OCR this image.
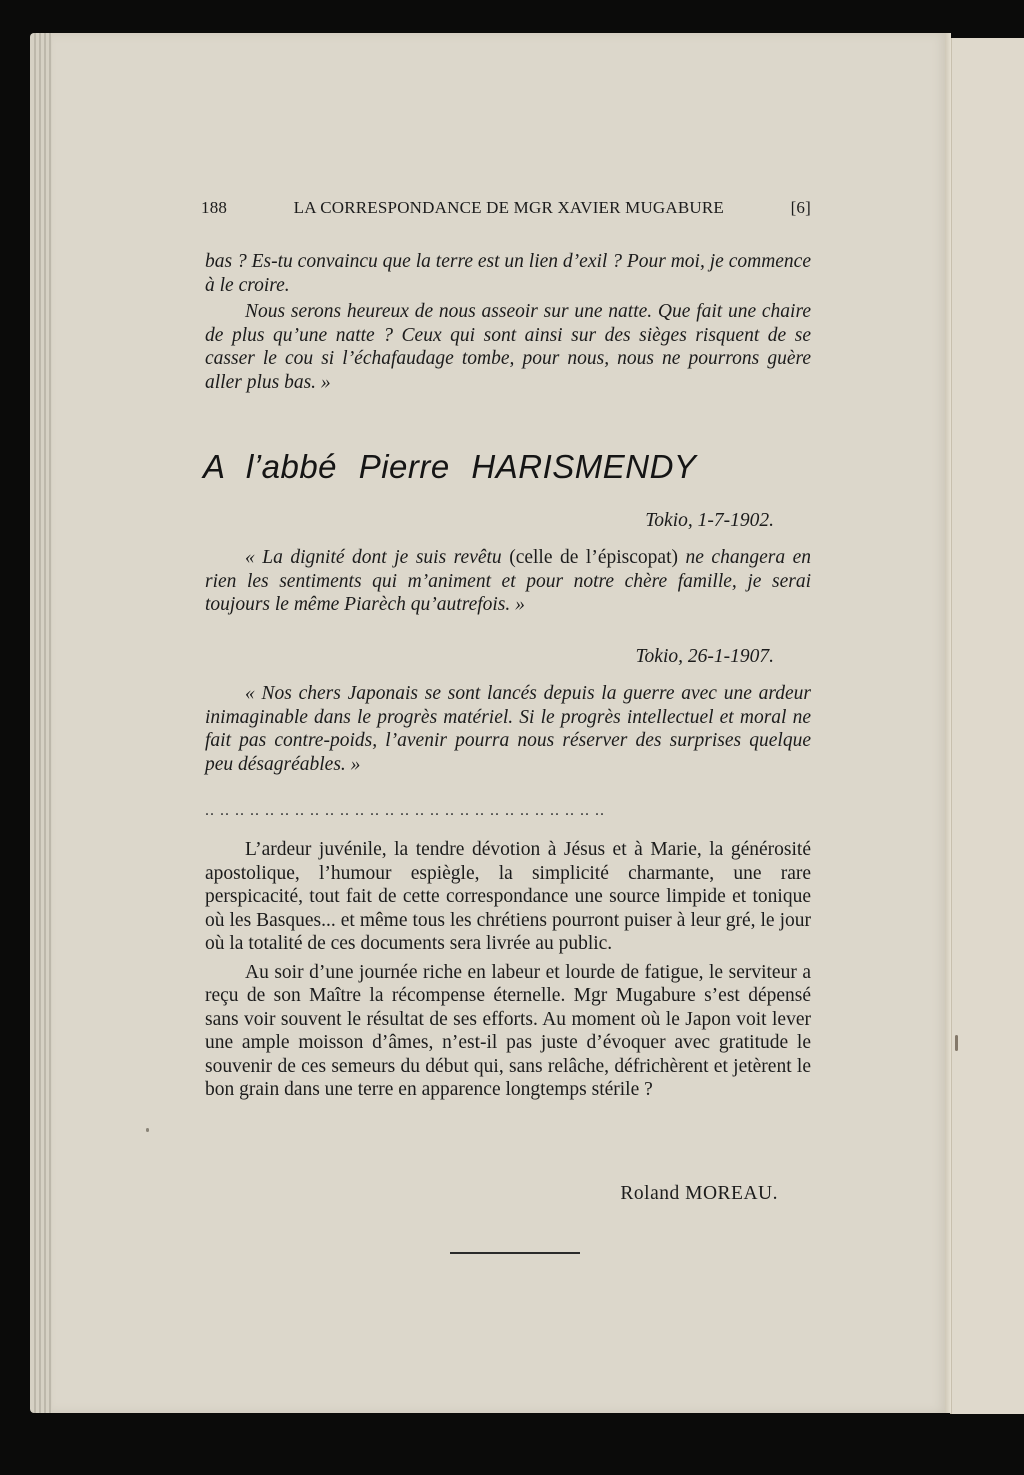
188	LA CORRESPONDANCE DE MGR XAVIER MUGABURE	[6]

bas ? Es-tu convaincu que la terre est un lien d’exil ? Pour moi, je commence à le croire.

Nous serons heureux de nous asseoir sur une natte. Que fait une chaire de plus qu’une natte ? Ceux qui sont ainsi sur des sièges risquent de se casser le cou si l’échafaudage tombe, pour nous, nous ne pourrons guère aller plus bas. »

A l’abbé Pierre HARISMENDY
Tokio, 1-7-1902.

« La dignité dont je suis revêtu (celle de l’épiscopat) ne changera en rien les sentiments qui m’animent et pour notre chère famille, je serai toujours le même Piarèch qu’autrefois. »

Tokio, 26-1-1907.

« Nos chers Japonais se sont lancés depuis la guerre avec une ardeur inimaginable dans le progrès matériel. Si le progrès intellectuel et moral ne fait pas contre-poids, l’avenir pourra nous réserver des surprises quelque peu désagréables. »

.. .. .. .. .. .. .. .. .. .. .. .. .. .. .. .. .. .. .. .. .. .. .. .. .. .. ..

L’ardeur juvénile, la tendre dévotion à Jésus et à Marie, la générosité apostolique, l’humour espiègle, la simplicité charmante, une rare perspicacité, tout fait de cette correspondance une source limpide et tonique où les Basques... et même tous les chrétiens pourront puiser à leur gré, le jour où la totalité de ces documents sera livrée au public.

Au soir d’une journée riche en labeur et lourde de fatigue, le serviteur a reçu de son Maître la récompense éternelle. Mgr Mugabure s’est dépensé sans voir souvent le résultat de ses efforts. Au moment où le Japon voit lever une ample moisson d’âmes, n’est-il pas juste d’évoquer avec gratitude le souvenir de ces semeurs du début qui, sans relâche, défrichèrent et jetèrent le bon grain dans une terre en apparence longtemps stérile ?

Roland MOREAU.
